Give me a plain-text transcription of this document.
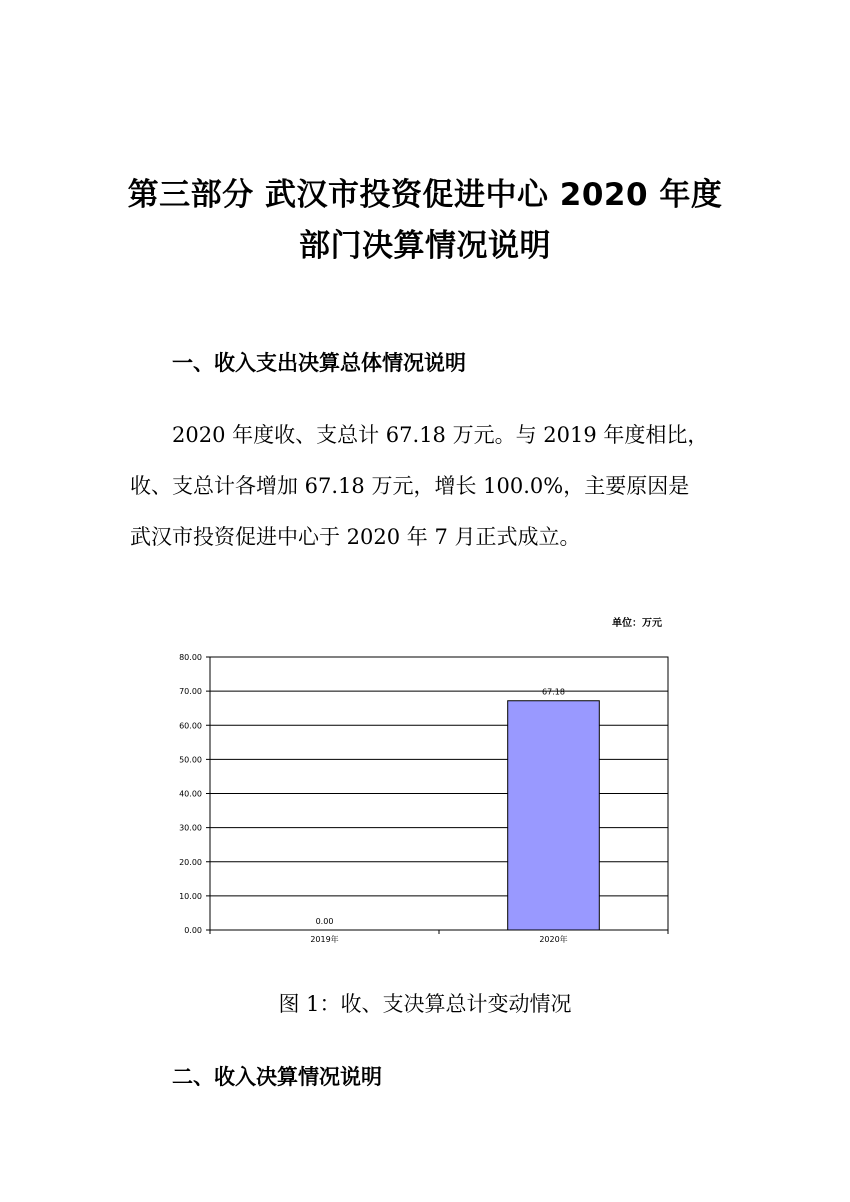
第三部分 武汉市投资促进中心 2020 年度
部门决算情况说明
一、收入支出决算总体情况说明
2020 年度收、支总计 67.18 万元。与 2019 年度相比，
收、支总计各增加 67.18 万元，增长 100.0%，主要原因是
武汉市投资促进中心于 2020 年 7 月正式成立。
单位：万元
0.00
10.00
20.00
30.00
40.00
50.00
60.00
70.00
80.00
0.00
2019年
67.18
2020年
图 1：收、支决算总计变动情况
二、收入决算情况说明
